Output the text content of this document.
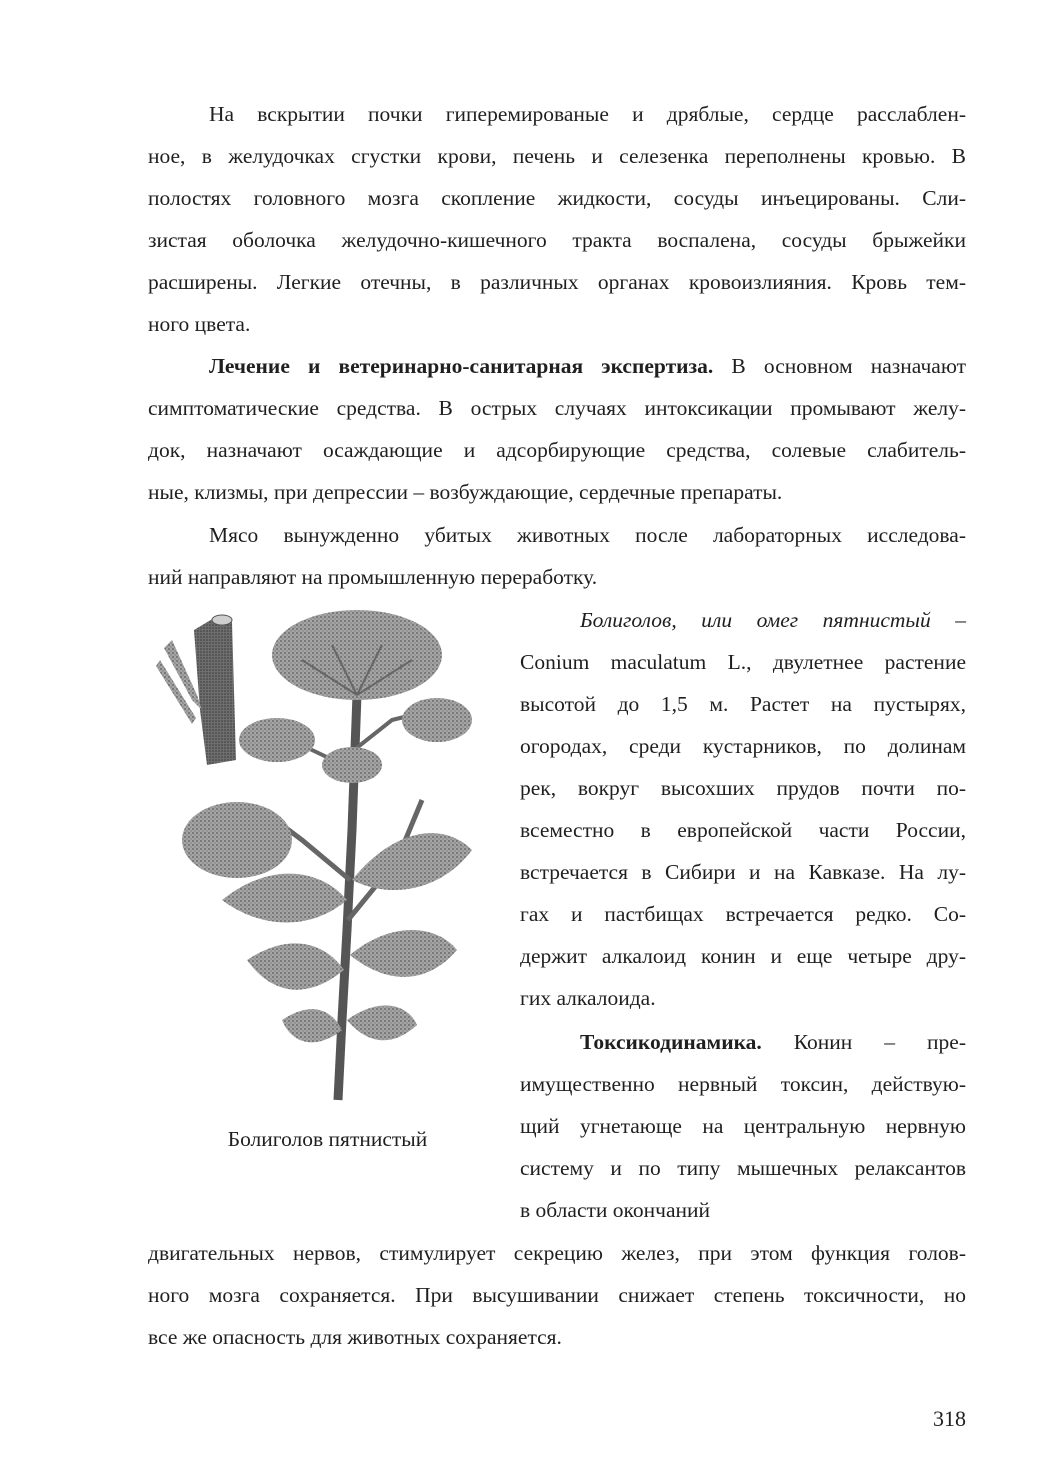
На вскрытии почки гиперемированые и дряблые, сердце расслаблен-
ное, в желудочках сгустки крови, печень и селезенка переполнены кровью. В
полостях головного мозга скопление жидкости, сосуды инъецированы. Сли-
зистая оболочка желудочно-кишечного тракта воспалена, сосуды брыжейки
расширены. Легкие отечны, в различных органах кровоизлияния. Кровь тем-
ного цвета.
Лечение и ветеринарно-санитарная экспертиза. В основном назначают
симптоматические средства. В острых случаях интоксикации промывают желу-
док, назначают осаждающие и адсорбирующие средства, солевые слабитель-
ные, клизмы, при депрессии – возбуждающие, сердечные препараты.
Мясо вынужденно убитых животных после лабораторных исследова-
ний направляют на промышленную переработку.
Болиголов пятнистый
Болиголов, или омег пятнистый –
Conium maculatum L., двулетнее растение
высотой до 1,5 м. Растет на пустырях,
огородах, среди кустарников, по долинам
рек, вокруг высохших прудов почти по-
всеместно в европейской части России,
встречается в Сибири и на Кавказе. На лу-
гах и пастбищах встречается редко. Со-
держит алкалоид конин и еще четыре дру-
гих алкалоида.
Токсикодинамика. Конин – пре-
имущественно нервный токсин, действую-
щий угнетающе на центральную нервную
систему и по типу мышечных релаксантов
в области окончаний
двигательных нервов, стимулирует секрецию желез, при этом функция голов-
ного мозга сохраняется. При высушивании снижает степень токсичности, но
все же опасность для животных сохраняется.
318
